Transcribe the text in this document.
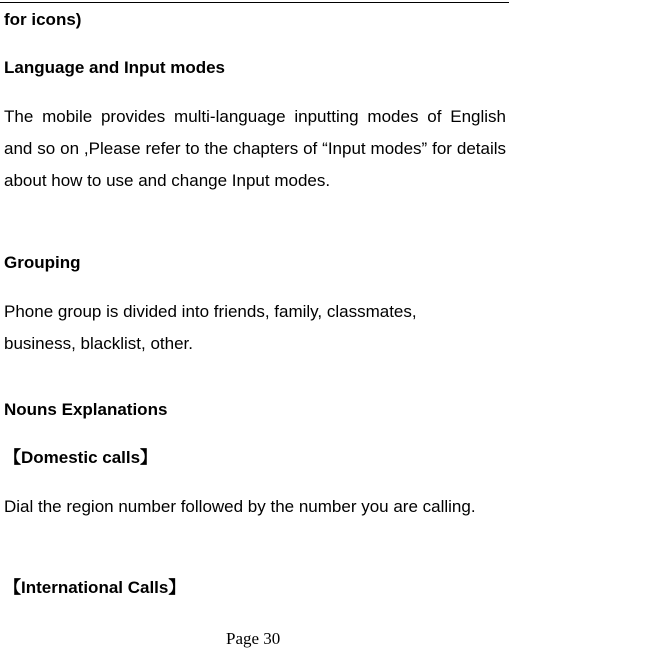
for icons)
Language and Input modes
The mobile provides multi-language inputting modes of English and so on ,Please refer to the chapters of “Input modes” for details about how to use and change Input modes.
Grouping
Phone group is divided into friends, family, classmates,
business, blacklist, other.
Nouns Explanations
【Domestic calls】
Dial the region number followed by the number you are calling.
【International Calls】
Page 30
